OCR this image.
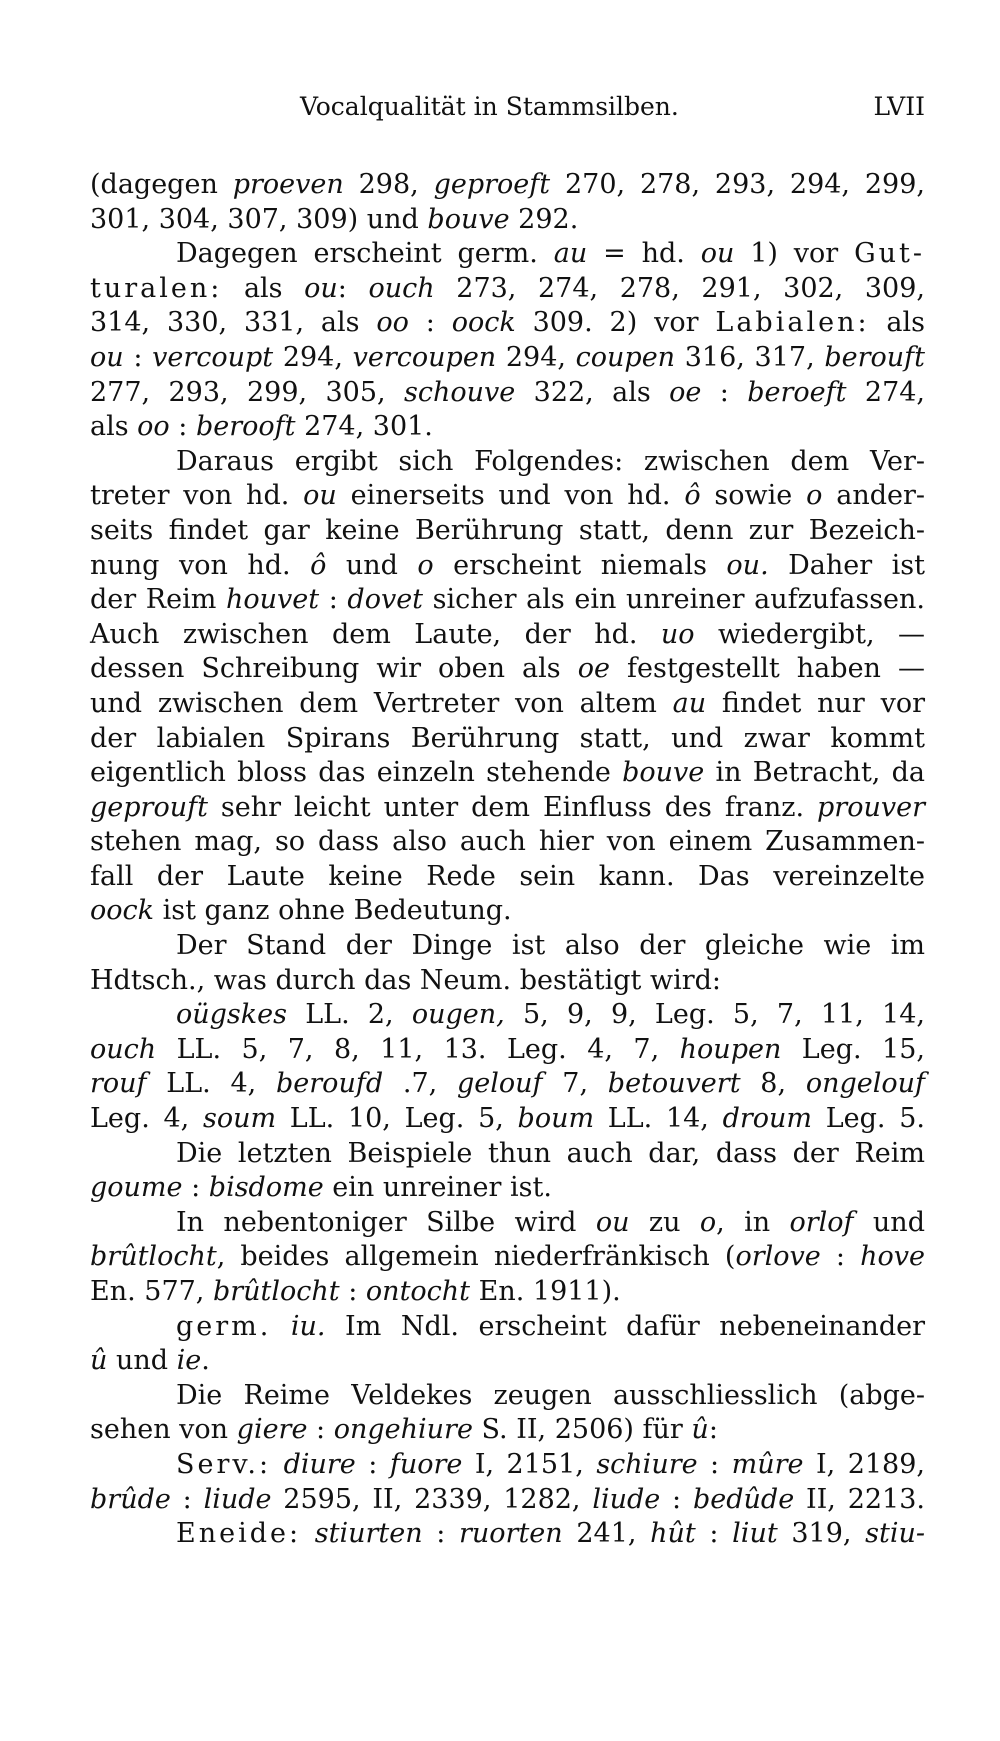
Vocalqualität in Stammsilben.	LVII
(dagegen proeven 298, geproeft 270, 278, 293, 294, 299,
301, 304, 307, 309) und bouve 292.
Dagegen erscheint germ. au = hd. ou 1) vor Gut-
turalen: als ou: ouch 273, 274, 278, 291, 302, 309,
314, 330, 331, als oo : oock 309. 2) vor Labialen: als
ou : vercoupt 294, vercoupen 294, coupen 316, 317, berouft
277, 293, 299, 305, schouve 322, als oe : beroeft 274,
als oo : berooft 274, 301.
Daraus ergibt sich Folgendes: zwischen dem Ver-
treter von hd. ou einerseits und von hd. ô sowie o ander-
seits findet gar keine Berührung statt, denn zur Bezeich-
nung von hd. ô und o erscheint niemals ou. Daher ist
der Reim houvet : dovet sicher als ein unreiner aufzufassen.
Auch zwischen dem Laute, der hd. uo wiedergibt, —
dessen Schreibung wir oben als oe festgestellt haben —
und zwischen dem Vertreter von altem au findet nur vor
der labialen Spirans Berührung statt, und zwar kommt
eigentlich bloss das einzeln stehende bouve in Betracht, da
geprouft sehr leicht unter dem Einfluss des franz. prouver
stehen mag, so dass also auch hier von einem Zusammen-
fall der Laute keine Rede sein kann. Das vereinzelte
oock ist ganz ohne Bedeutung.
Der Stand der Dinge ist also der gleiche wie im
Hdtsch., was durch das Neum. bestätigt wird:
oügskes LL. 2, ougen, 5, 9, 9, Leg. 5, 7, 11, 14,
ouch LL. 5, 7, 8, 11, 13. Leg. 4, 7, houpen Leg. 15,
rouf LL. 4, beroufd .7, gelouf 7, betouvert 8, ongelouf
Leg. 4, soum LL. 10, Leg. 5, boum LL. 14, droum Leg. 5.
Die letzten Beispiele thun auch dar, dass der Reim
goume : bisdome ein unreiner ist.
In nebentoniger Silbe wird ou zu o, in orlof und
brûtlocht, beides allgemein niederfränkisch (orlove : hove
En. 577, brûtlocht : ontocht En. 1911).
germ. iu. Im Ndl. erscheint dafür nebeneinander
û und ie.
Die Reime Veldekes zeugen ausschliesslich (abge-
sehen von giere : ongehiure S. II, 2506) für û:
Serv.: diure : fuore I, 2151, schiure : mûre I, 2189,
brûde : liude 2595, II, 2339, 1282, liude : bedûde II, 2213.
Eneide: stiurten : ruorten 241, hût : liut 319, stiu-
